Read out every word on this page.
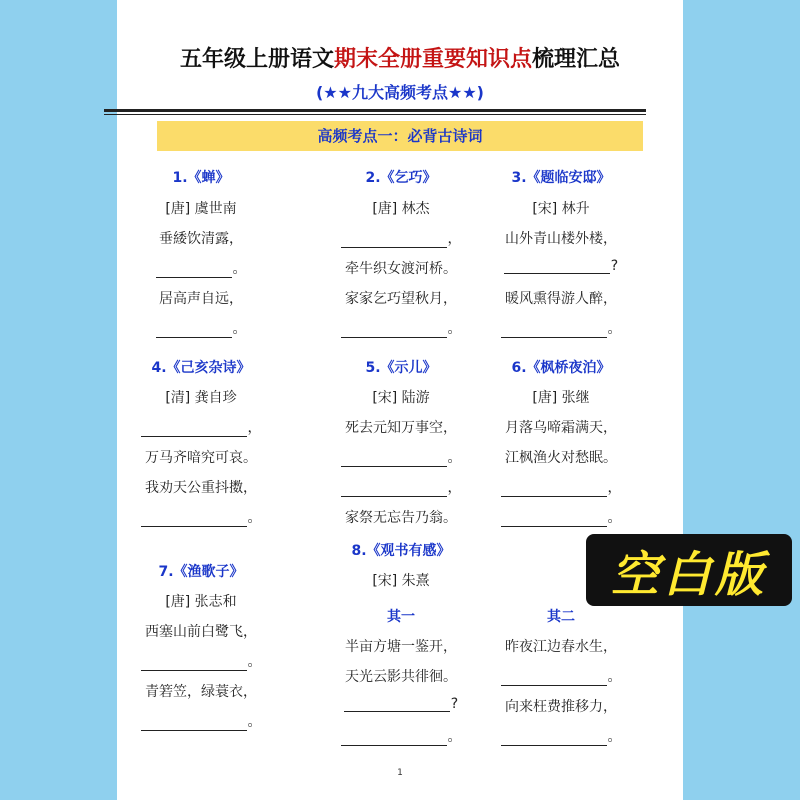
五年级上册语文期末全册重要知识点梳理汇总
(★★九大高频考点★★)
高频考点一：必背古诗词
1.《蝉》
[唐] 虞世南
垂緌饮清露，
。
居高声自远，
。
2.《乞巧》
[唐] 林杰
，
牵牛织女渡河桥。
家家乞巧望秋月，
。
3.《题临安邸》
[宋] 林升
山外青山楼外楼，
?
暖风熏得游人醉，
。
4.《己亥杂诗》
[清] 龚自珍
，
万马齐喑究可哀。
我劝天公重抖擞，
。
5.《示儿》
[宋] 陆游
死去元知万事空，
。
，
家祭无忘告乃翁。
6.《枫桥夜泊》
[唐] 张继
月落乌啼霜满天，
江枫渔火对愁眠。
，
。
7.《渔歌子》
[唐] 张志和
西塞山前白鹭飞，
。
青箬笠，绿蓑衣，
。
8.《观书有感》
[宋] 朱熹
其一
半亩方塘一鉴开，
天光云影共徘徊。
?
。
其二
昨夜江边春水生，
。
向来枉费推移力，
。
1
空白版
